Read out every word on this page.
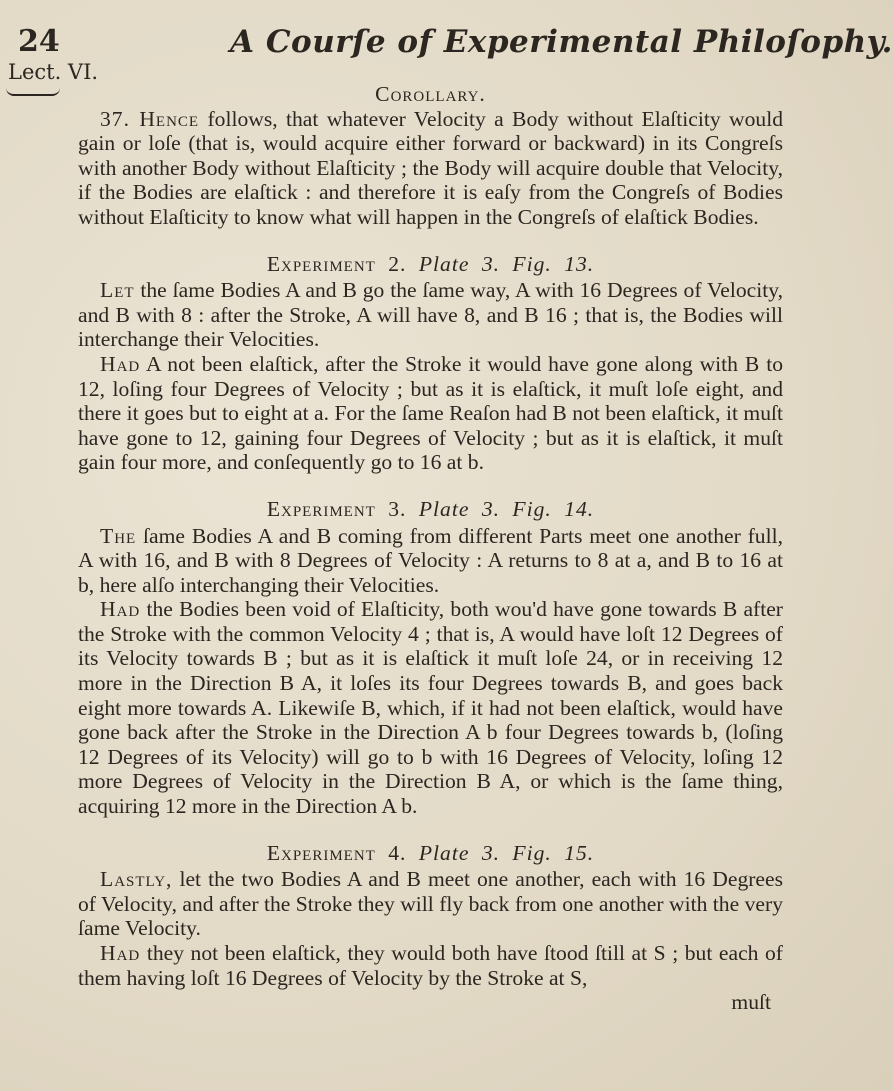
24	A Courſe of Experimental Philoſophy.
Lect. VI.

Corollary.

37. Hence follows, that whatever Velocity a Body without Elaſticity would gain or loſe (that is, would acquire either forward or backward) in its Congreſs with another Body without Elaſticity ; the Body will acquire double that Velocity, if the Bodies are elaſtick : and therefore it is eaſy from the Congreſs of Bodies without Elaſticity to know what will happen in the Congreſs of elaſtick Bodies.

Experiment 2. Plate 3. Fig. 13.

Let the ſame Bodies A and B go the ſame way, A with 16 Degrees of Velocity, and B with 8 : after the Stroke, A will have 8, and B 16 ; that is, the Bodies will interchange their Velocities.

Had A not been elaſtick, after the Stroke it would have gone along with B to 12, loſing four Degrees of Velocity ; but as it is elaſtick, it muſt loſe eight, and there it goes but to eight at a. For the ſame Reaſon had B not been elaſtick, it muſt have gone to 12, gaining four Degrees of Velocity ; but as it is elaſtick, it muſt gain four more, and conſequently go to 16 at b.

Experiment 3. Plate 3. Fig. 14.

The ſame Bodies A and B coming from different Parts meet one another full, A with 16, and B with 8 Degrees of Velocity : A returns to 8 at a, and B to 16 at b, here alſo interchanging their Velocities.

Had the Bodies been void of Elaſticity, both wou'd have gone towards B after the Stroke with the common Velocity 4 ; that is, A would have loſt 12 Degrees of its Velocity towards B ; but as it is elaſtick it muſt loſe 24, or in receiving 12 more in the Direction B A, it loſes its four Degrees towards B, and goes back eight more towards A. Likewiſe B, which, if it had not been elaſtick, would have gone back after the Stroke in the Direction A b four Degrees towards b, (loſing 12 Degrees of its Velocity) will go to b with 16 Degrees of Velocity, loſing 12 more Degrees of Velocity in the Direction B A, or which is the ſame thing, acquiring 12 more in the Direction A b.

Experiment 4. Plate 3. Fig. 15.

Lastly, let the two Bodies A and B meet one another, each with 16 Degrees of Velocity, and after the Stroke they will fly back from one another with the very ſame Velocity.

Had they not been elaſtick, they would both have ſtood ſtill at S ; but each of them having loſt 16 Degrees of Velocity by the Stroke at S,

muſt
